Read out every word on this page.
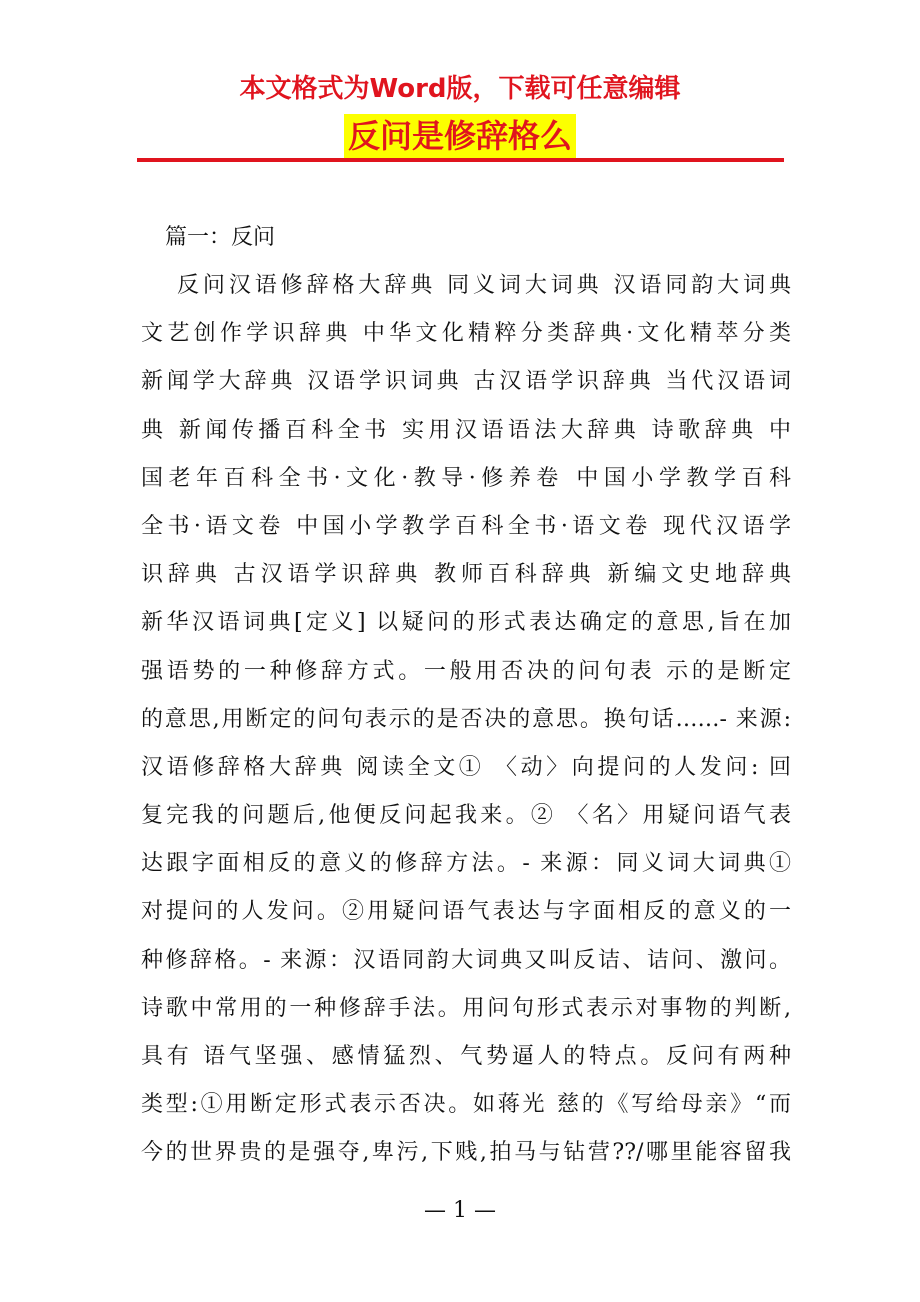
本文格式为Word版，下载可任意编辑
反问是修辞格么
篇一：反问
反问汉语修辞格大辞典 同义词大词典 汉语同韵大词典
文艺创作学识辞典 中华文化精粹分类辞典·文化精萃分类
新闻学大辞典 汉语学识词典 古汉语学识辞典 当代汉语词
典 新闻传播百科全书 实用汉语语法大辞典 诗歌辞典 中
国老年百科全书·文化·教导·修养卷 中国小学教学百科
全书·语文卷 中国小学教学百科全书·语文卷 现代汉语学
识辞典 古汉语学识辞典 教师百科辞典 新编文史地辞典
新华汉语词典[定义] 以疑问的形式表达确定的意思,旨在加
强语势的一种修辞方式。一般用否决的问句表 示的是断定
的意思,用断定的问句表示的是否决的意思。换句话……- 来源:
汉语修辞格大辞典 阅读全文① 〈动〉向提问的人发问: 回
复完我的问题后,他便反问起我来。② 〈名〉用疑问语气表
达跟字面相反的意义的修辞方法。- 来源：同义词大词典①
对提问的人发问。②用疑问语气表达与字面相反的意义的一
种修辞格。- 来源：汉语同韵大词典又叫反诘、诘问、激问。
诗歌中常用的一种修辞手法。用问句形式表示对事物的判断,
具有 语气坚强、感情猛烈、气势逼人的特点。反问有两种
类型:①用断定形式表示否决。如蒋光 慈的《写给母亲》“而
今的世界贵的是强夺,卑污,下贱,拍马与钻营??/哪里能容留我
— 1 —
